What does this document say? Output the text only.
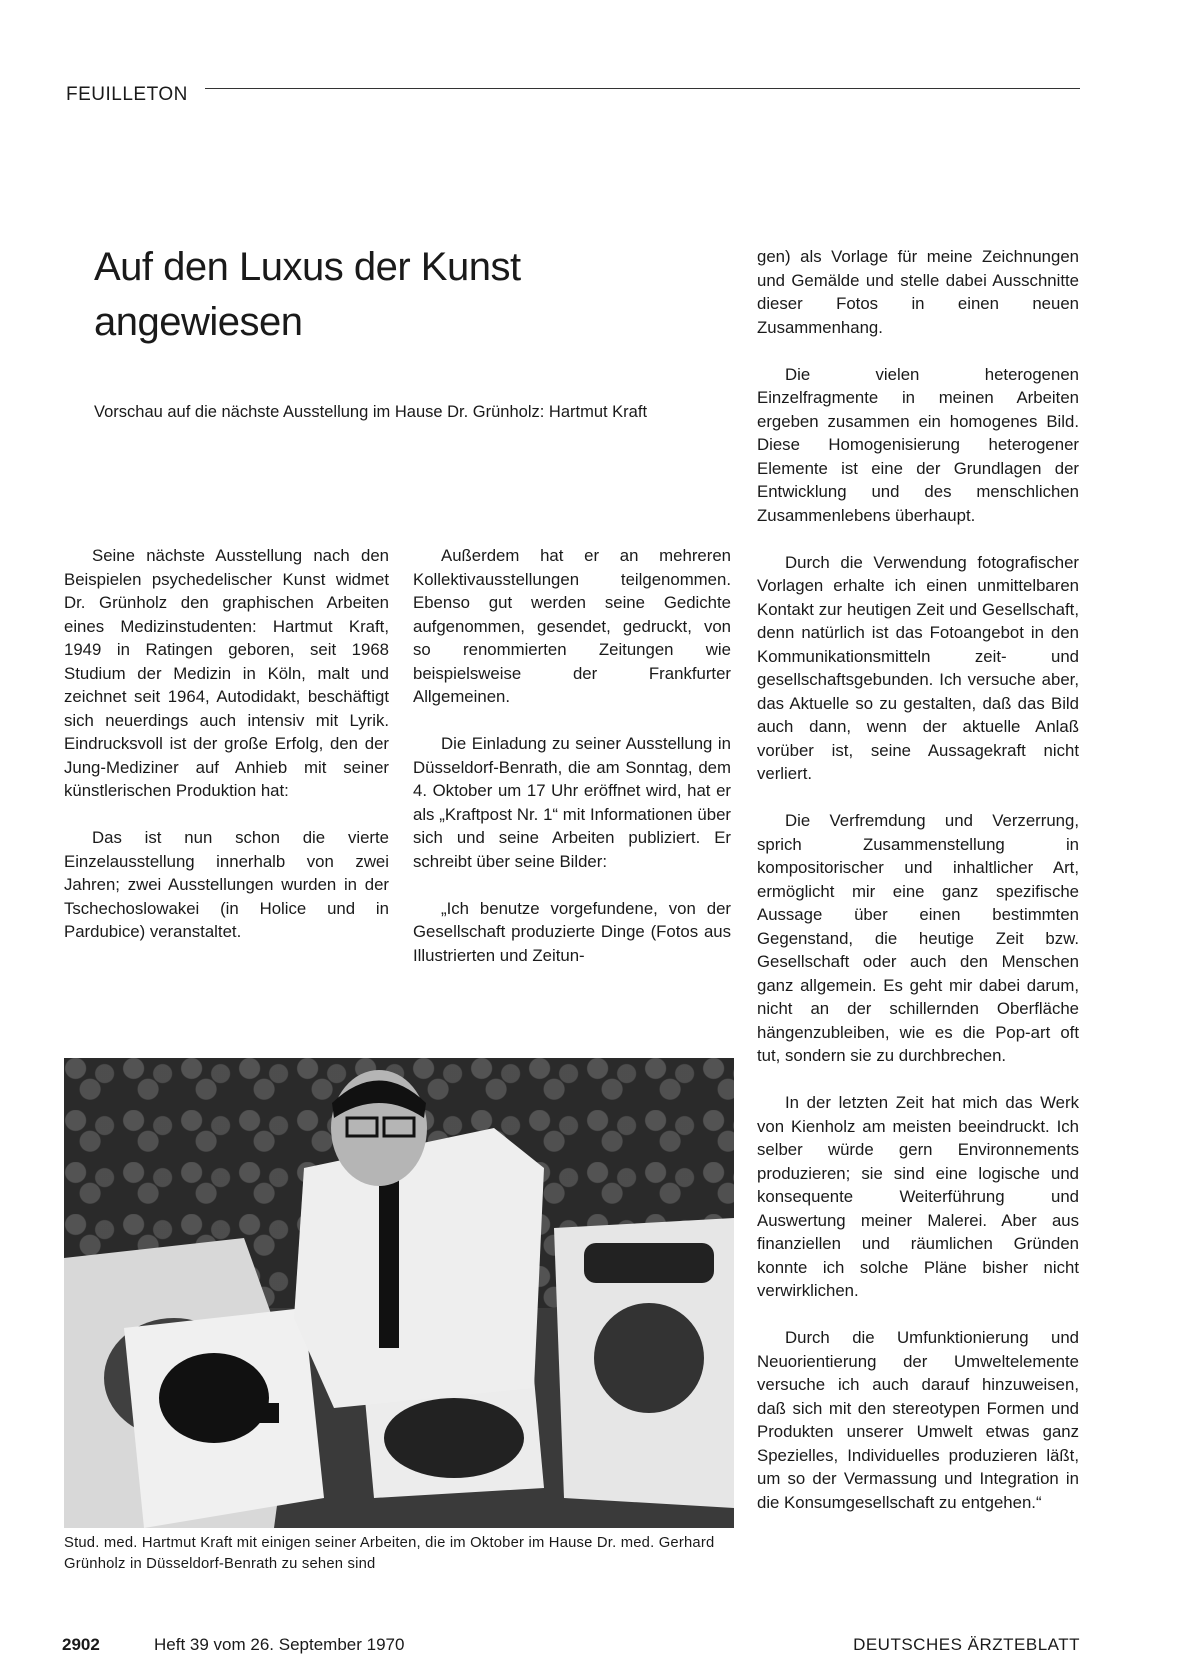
FEUILLETON
Auf den Luxus der Kunst angewiesen

Vorschau auf die nächste Ausstellung im Hause Dr. Grünholz: Hartmut Kraft

Seine nächste Ausstellung nach den Beispielen psychedelischer Kunst widmet Dr. Grünholz den graphischen Arbeiten eines Medizinstudenten: Hartmut Kraft, 1949 in Ratingen geboren, seit 1968 Studium der Medizin in Köln, malt und zeichnet seit 1964, Autodidakt, beschäftigt sich neuerdings auch intensiv mit Lyrik. Eindrucksvoll ist der große Erfolg, den der Jung-Mediziner auf Anhieb mit seiner künstlerischen Produktion hat:

Das ist nun schon die vierte Einzelausstellung innerhalb von zwei Jahren; zwei Ausstellungen wurden in der Tschechoslowakei (in Holice und in Pardubice) veranstaltet.

Außerdem hat er an mehreren Kollektivausstellungen teilgenommen. Ebenso gut werden seine Gedichte aufgenommen, gesendet, gedruckt, von so renommierten Zeitungen wie beispielsweise der Frankfurter Allgemeinen.

Die Einladung zu seiner Ausstellung in Düsseldorf-Benrath, die am Sonntag, dem 4. Oktober um 17 Uhr eröffnet wird, hat er als „Kraftpost Nr. 1“ mit Informationen über sich und seine Arbeiten publiziert. Er schreibt über seine Bilder:

„Ich benutze vorgefundene, von der Gesellschaft produzierte Dinge (Fotos aus Illustrierten und Zeitun-

gen) als Vorlage für meine Zeichnungen und Gemälde und stelle dabei Ausschnitte dieser Fotos in einen neuen Zusammenhang.

Die vielen heterogenen Einzelfragmente in meinen Arbeiten ergeben zusammen ein homogenes Bild. Diese Homogenisierung heterogener Elemente ist eine der Grundlagen der Entwicklung und des menschlichen Zusammenlebens überhaupt.

Durch die Verwendung fotografischer Vorlagen erhalte ich einen unmittelbaren Kontakt zur heutigen Zeit und Gesellschaft, denn natürlich ist das Fotoangebot in den Kommunikationsmitteln zeit- und gesellschaftsgebunden. Ich versuche aber, das Aktuelle so zu gestalten, daß das Bild auch dann, wenn der aktuelle Anlaß vorüber ist, seine Aussagekraft nicht verliert.

Die Verfremdung und Verzerrung, sprich Zusammenstellung in kompositorischer und inhaltlicher Art, ermöglicht mir eine ganz spezifische Aussage über einen bestimmten Gegenstand, die heutige Zeit bzw. Gesellschaft oder auch den Menschen ganz allgemein. Es geht mir dabei darum, nicht an der schillernden Oberfläche hängenzubleiben, wie es die Pop-art oft tut, sondern sie zu durchbrechen.

In der letzten Zeit hat mich das Werk von Kienholz am meisten beeindruckt. Ich selber würde gern Environnements produzieren; sie sind eine logische und konsequente Weiterführung und Auswertung meiner Malerei. Aber aus finanziellen und räumlichen Gründen konnte ich solche Pläne bisher nicht verwirklichen.

Durch die Umfunktionierung und Neuorientierung der Umweltelemente versuche ich auch darauf hinzuweisen, daß sich mit den stereotypen Formen und Produkten unserer Umwelt etwas ganz Spezielles, Individuelles produzieren läßt, um so der Vermassung und Integration in die Konsumgesellschaft zu entgehen.“

Stud. med. Hartmut Kraft mit einigen seiner Arbeiten, die im Oktober im Hause Dr. med. Gerhard Grünholz in Düsseldorf-Benrath zu sehen sind

2902	Heft 39 vom 26. September 1970	DEUTSCHES ÄRZTEBLATT
